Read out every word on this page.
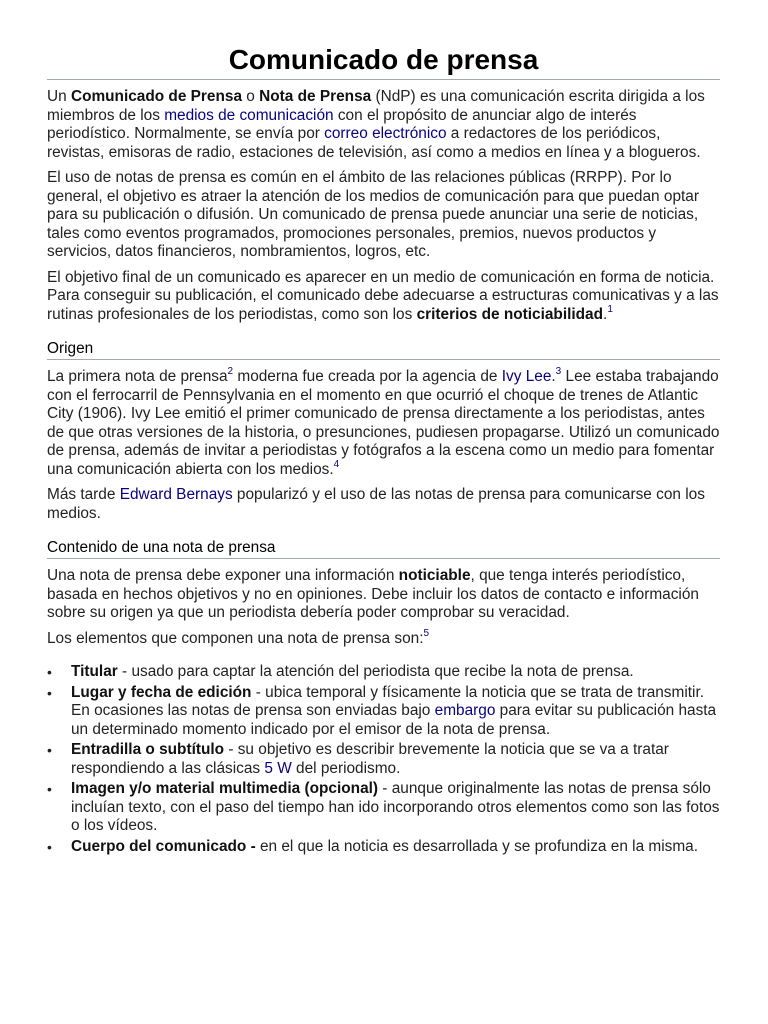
Comunicado de prensa

Un Comunicado de Prensa o Nota de Prensa (NdP) es una comunicación escrita dirigida a los miembros de los medios de comunicación con el propósito de anunciar algo de interés periodístico. Normalmente, se envía por correo electrónico a redactores de los periódicos, revistas, emisoras de radio, estaciones de televisión, así como a medios en línea y a blogueros.

El uso de notas de prensa es común en el ámbito de las relaciones públicas (RRPP). Por lo general, el objetivo es atraer la atención de los medios de comunicación para que puedan optar para su publicación o difusión. Un comunicado de prensa puede anunciar una serie de noticias, tales como eventos programados, promociones personales, premios, nuevos productos y servicios, datos financieros, nombramientos, logros, etc.

El objetivo final de un comunicado es aparecer en un medio de comunicación en forma de noticia. Para conseguir su publicación, el comunicado debe adecuarse a estructuras comunicativas y a las rutinas profesionales de los periodistas, como son los criterios de noticiabilidad.$^1$

Origen

La primera nota de prensa$^2$ moderna fue creada por la agencia de Ivy Lee.$^3$ Lee estaba trabajando con el ferrocarril de Pennsylvania en el momento en que ocurrió el choque de trenes de Atlantic City (1906). Ivy Lee emitió el primer comunicado de prensa directamente a los periodistas, antes de que otras versiones de la historia, o presunciones, pudiesen propagarse. Utilizó un comunicado de prensa, además de invitar a periodistas y fotógrafos a la escena como un medio para fomentar una comunicación abierta con los medios.$^4$

Más tarde Edward Bernays popularizó y el uso de las notas de prensa para comunicarse con los medios.

Contenido de una nota de prensa

Una nota de prensa debe exponer una información noticiable, que tenga interés periodístico, basada en hechos objetivos y no en opiniones. Debe incluir los datos de contacto e información sobre su origen ya que un periodista debería poder comprobar su veracidad.

Los elementos que componen una nota de prensa son:$^5$

• Titular - usado para captar la atención del periodista que recibe la nota de prensa.
• Lugar y fecha de edición - ubica temporal y físicamente la noticia que se trata de transmitir. En ocasiones las notas de prensa son enviadas bajo embargo para evitar su publicación hasta un determinado momento indicado por el emisor de la nota de prensa.
• Entradilla o subtítulo - su objetivo es describir brevemente la noticia que se va a tratar respondiendo a las clásicas 5 W del periodismo.
• Imagen y/o material multimedia (opcional) - aunque originalmente las notas de prensa sólo incluían texto, con el paso del tiempo han ido incorporando otros elementos como son las fotos o los vídeos.
• Cuerpo del comunicado - en el que la noticia es desarrollada y se profundiza en la misma.
